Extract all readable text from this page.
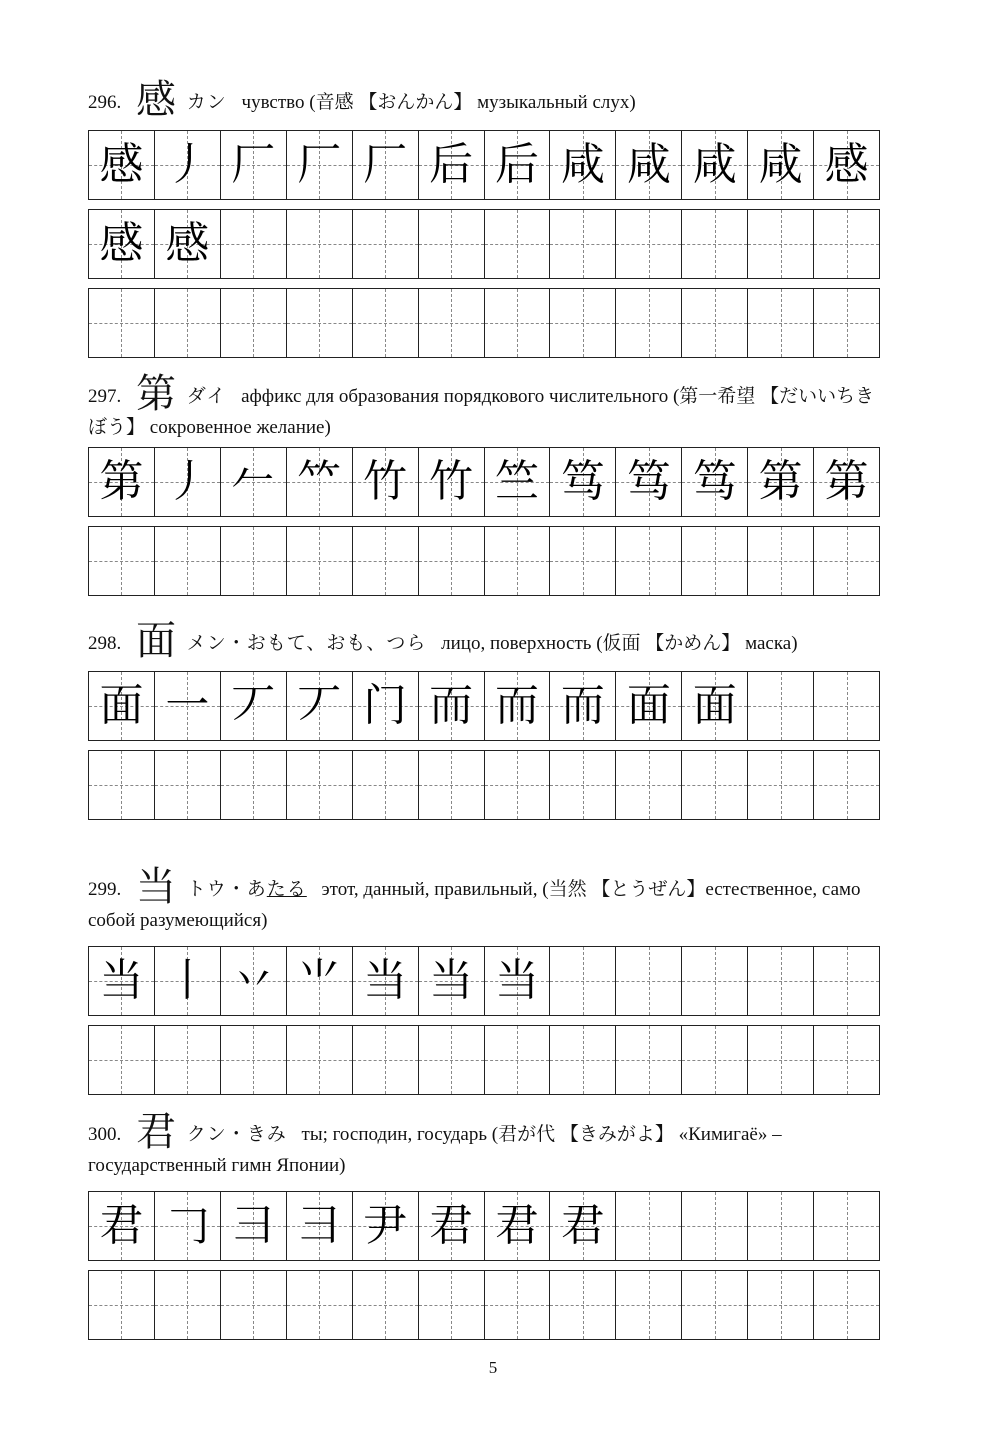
296. 感 カン чувство (音感 【おんかん】 музыкальный слух)

感 丿 厂 厂 厂 后 后 咸 咸 咸 咸 感
感 感

297. 第 ダイ аффикс для образования порядкового числительного (第一希望 【だいいちきぼう】 сокровенное желание)

第 丿 𠂉 𥫗 竹 竹 竺 笃 笃 笃 第 第

298. 面 メン・おもて、おも、つら лицо, поверхность (仮面 【かめん】 маска)

面 一 丆 丆 门 而 而 而 面 面

299. 当 トウ・あたる этот, данный, правильный, (当然 【とうぜん】естественное, само собой разумеющийся)

当 丨 丷 ⺌ 当 当 当

300. 君 クン・きみ ты; господин, государь (君が代 【きみがよ】 «Кимигаё» – государственный гимн Японии)

君 𠃌 ⺕ 彐 尹 君 君 君
5
